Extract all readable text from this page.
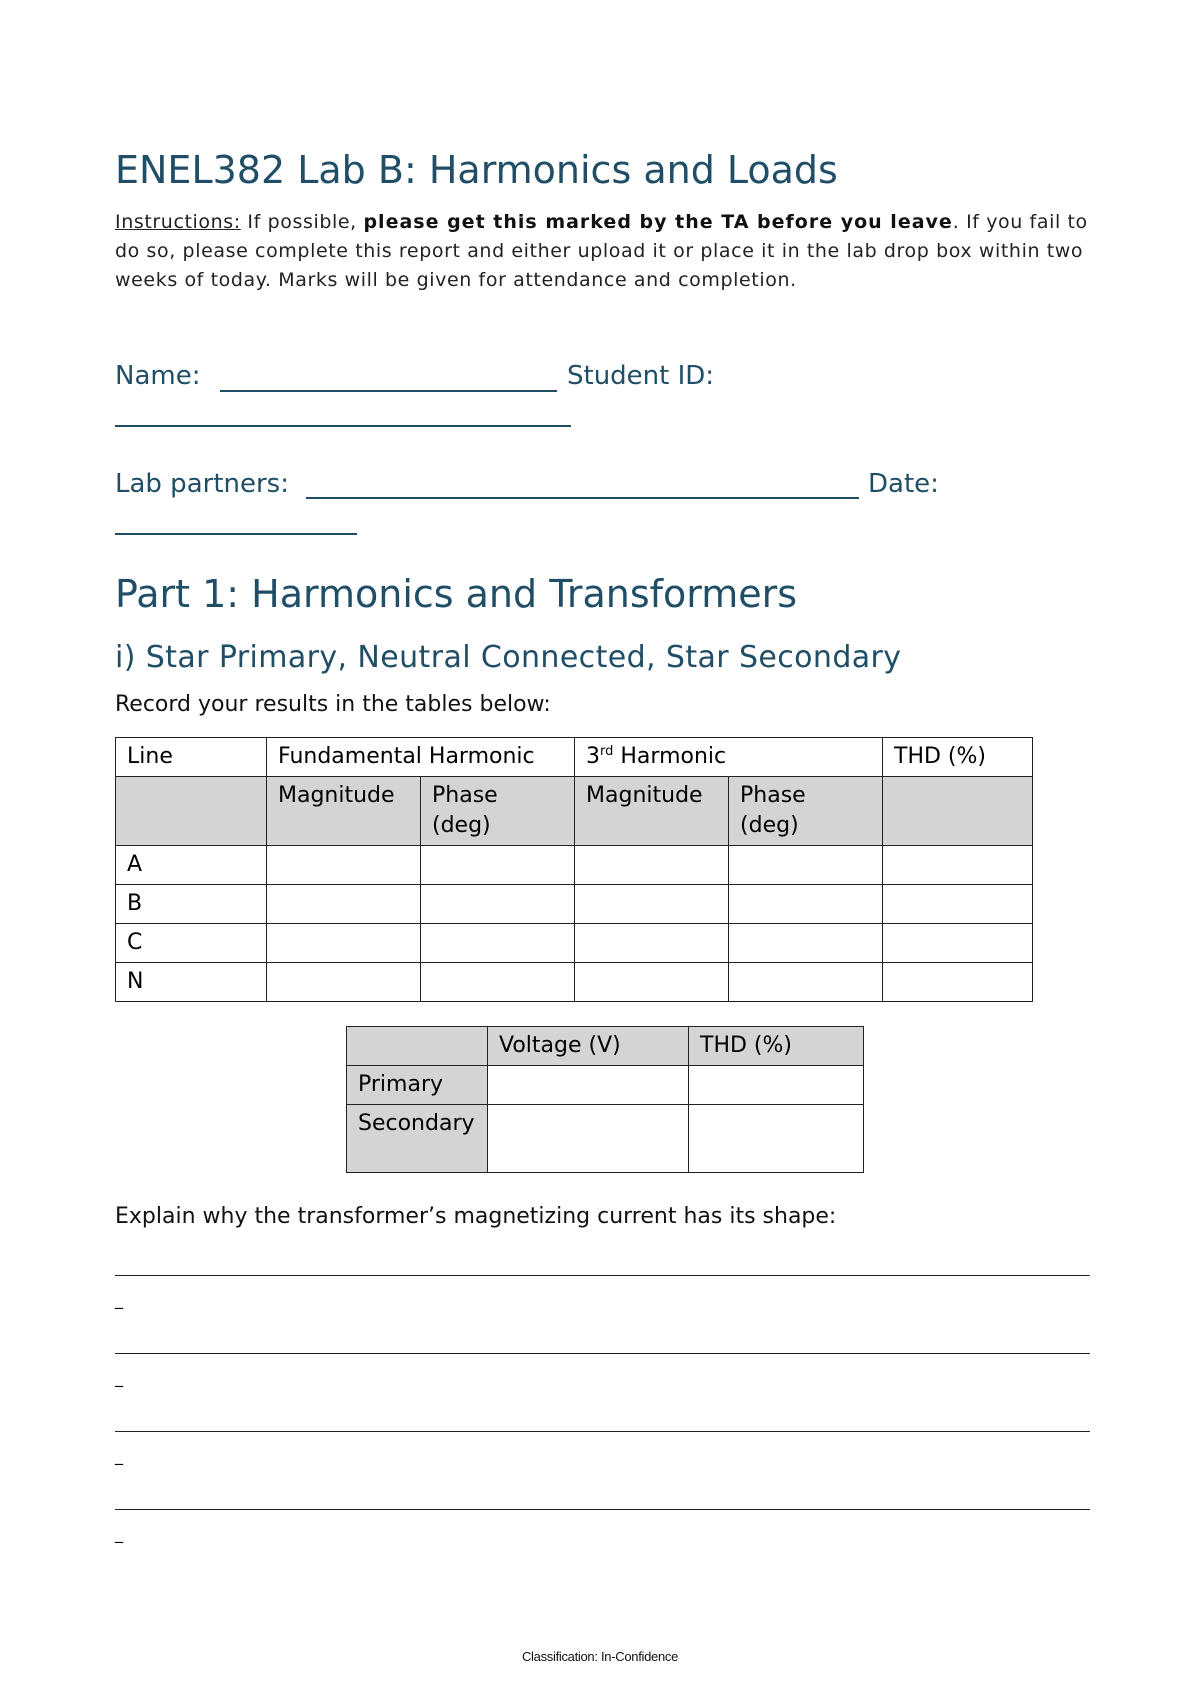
ENEL382 Lab B: Harmonics and Loads
Instructions: If possible, please get this marked by the TA before you leave. If you fail to do so, please complete this report and either upload it or place it in the lab drop box within two weeks of today. Marks will be given for attendance and completion.
Name:	Student ID:
Lab partners:	Date:
Part 1: Harmonics and Transformers
i) Star Primary, Neutral Connected, Star Secondary
Record your results in the tables below:
Line	Fundamental Harmonic		3rd Harmonic		THD (%)
	Magnitude	Phase (deg)	Magnitude	Phase (deg)	
A					
B					
C					
N					
	Voltage (V)	THD (%)
Primary		
Secondary		
Explain why the transformer’s magnetizing current has its shape:
_
_
_
_
Classification: In-Confidence
